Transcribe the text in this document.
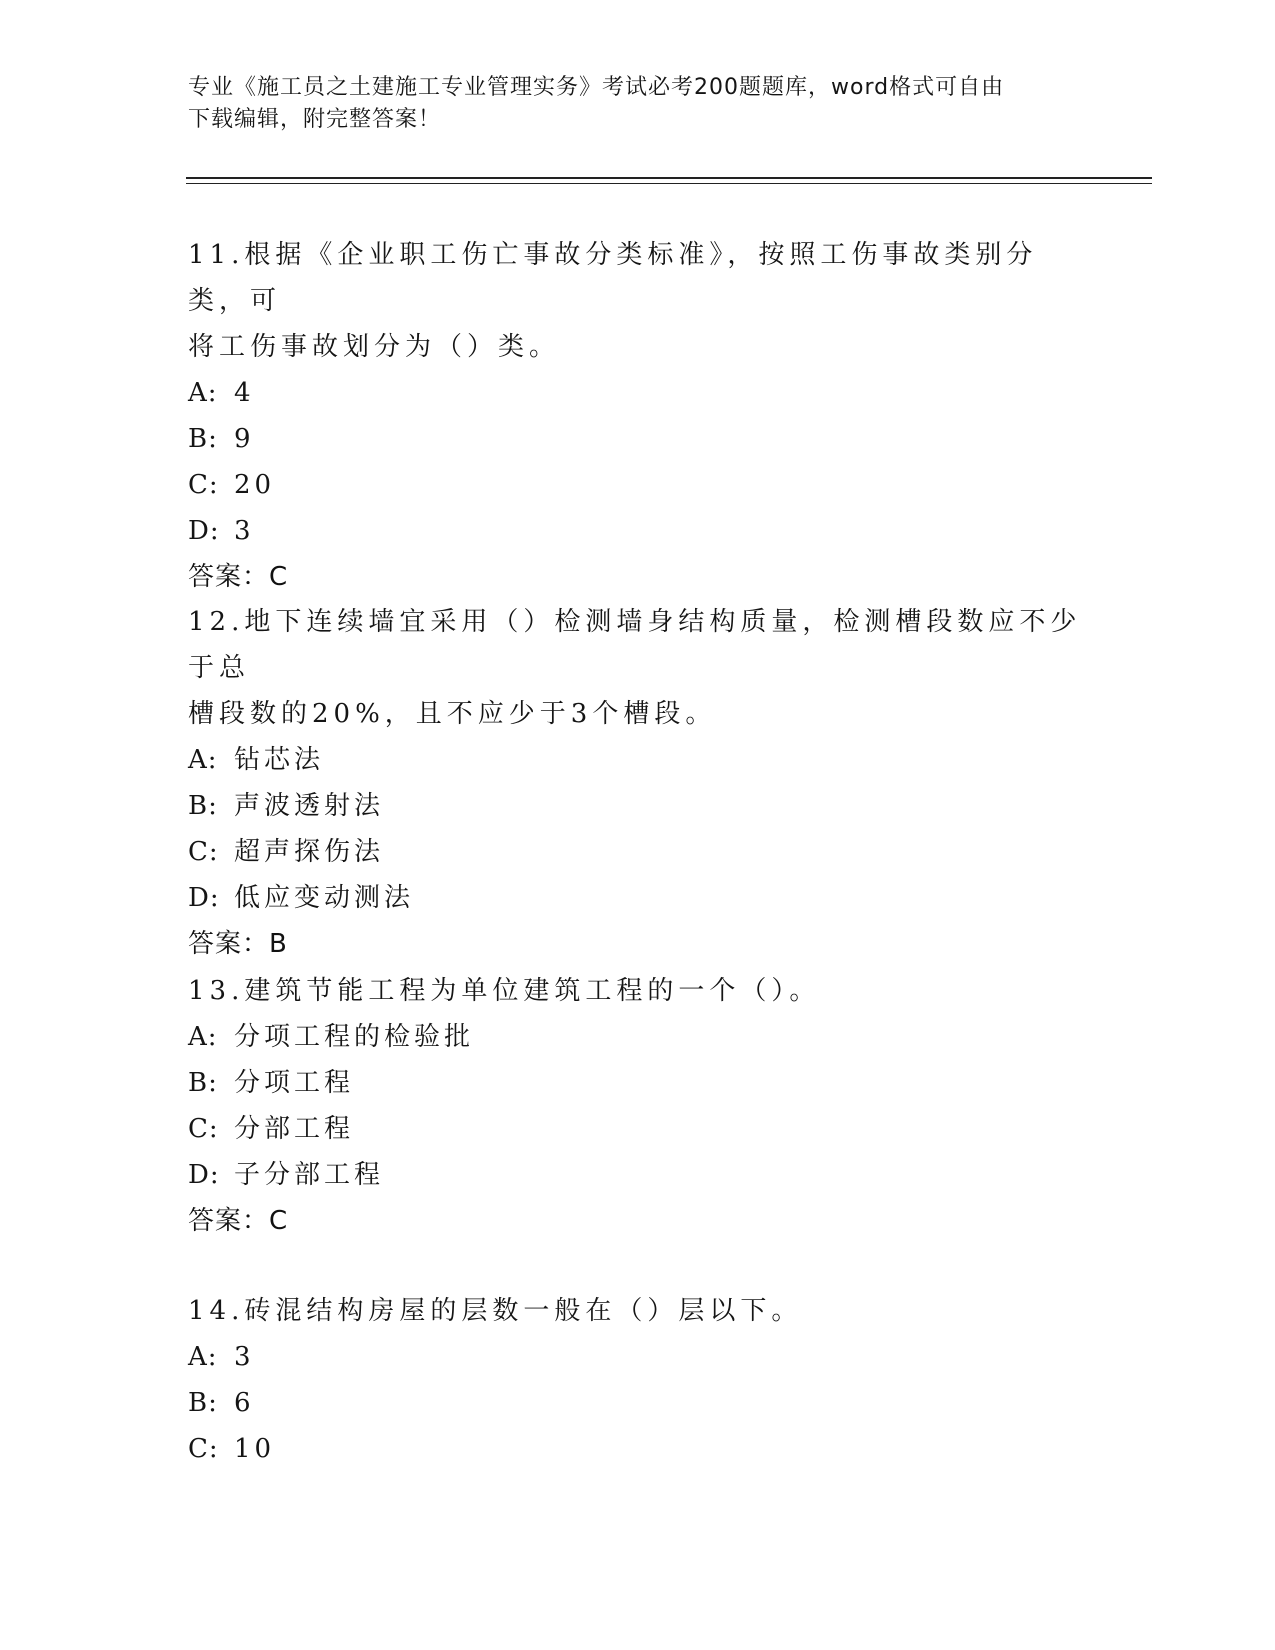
专业《施工员之土建施工专业管理实务》考试必考200题题库，word格式可自由
下载编辑，附完整答案！

11.根据《企业职工伤亡事故分类标准》，按照工伤事故类别分类，可

将工伤事故划分为（）类。

A: 4

B: 9

C: 20

D: 3

答案：C

12.地下连续墙宜采用（）检测墙身结构质量，检测槽段数应不少于总

槽段数的20%，且不应少于3个槽段。

A: 钻芯法

B: 声波透射法

C: 超声探伤法

D: 低应变动测法

答案：B

13.建筑节能工程为单位建筑工程的一个（）。

A: 分项工程的检验批

B: 分项工程

C: 分部工程

D: 子分部工程

答案：C

14.砖混结构房屋的层数一般在（）层以下。

A: 3

B: 6

C: 10
